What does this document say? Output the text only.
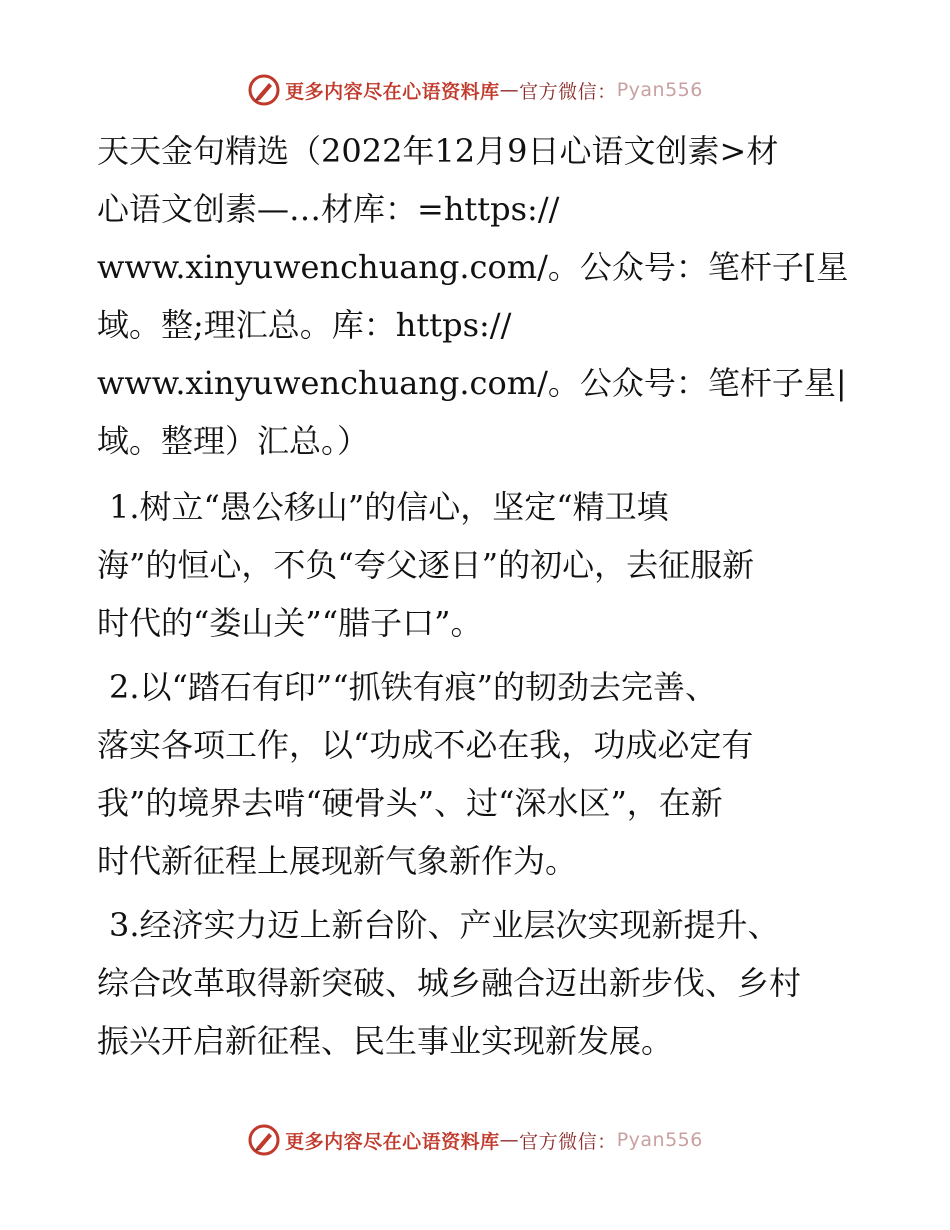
更多内容尽在心语资料库 — 官方微信： Pyan556
天天金句精选（2022年12月9日心语文创素>材
心语文创素—…材库：=https://
www.xinyuwenchuang.com/。公众号：笔杆子[星
域。整;理汇总。库：https://
www.xinyuwenchuang.com/。公众号：笔杆子星|
域。整理）汇总。）
1.树立“愚公移山”的信心，坚定“精卫填
海”的恒心，不负“夸父逐日”的初心，去征服新
时代的“娄山关”“腊子口”。
2.以“踏石有印”“抓铁有痕”的韧劲去完善、
落实各项工作，以“功成不必在我，功成必定有
我”的境界去啃“硬骨头”、过“深水区”，在新
时代新征程上展现新气象新作为。
3.经济实力迈上新台阶、产业层次实现新提升、
综合改革取得新突破、城乡融合迈出新步伐、乡村
振兴开启新征程、民生事业实现新发展。
更多内容尽在心语资料库 — 官方微信： Pyan556
